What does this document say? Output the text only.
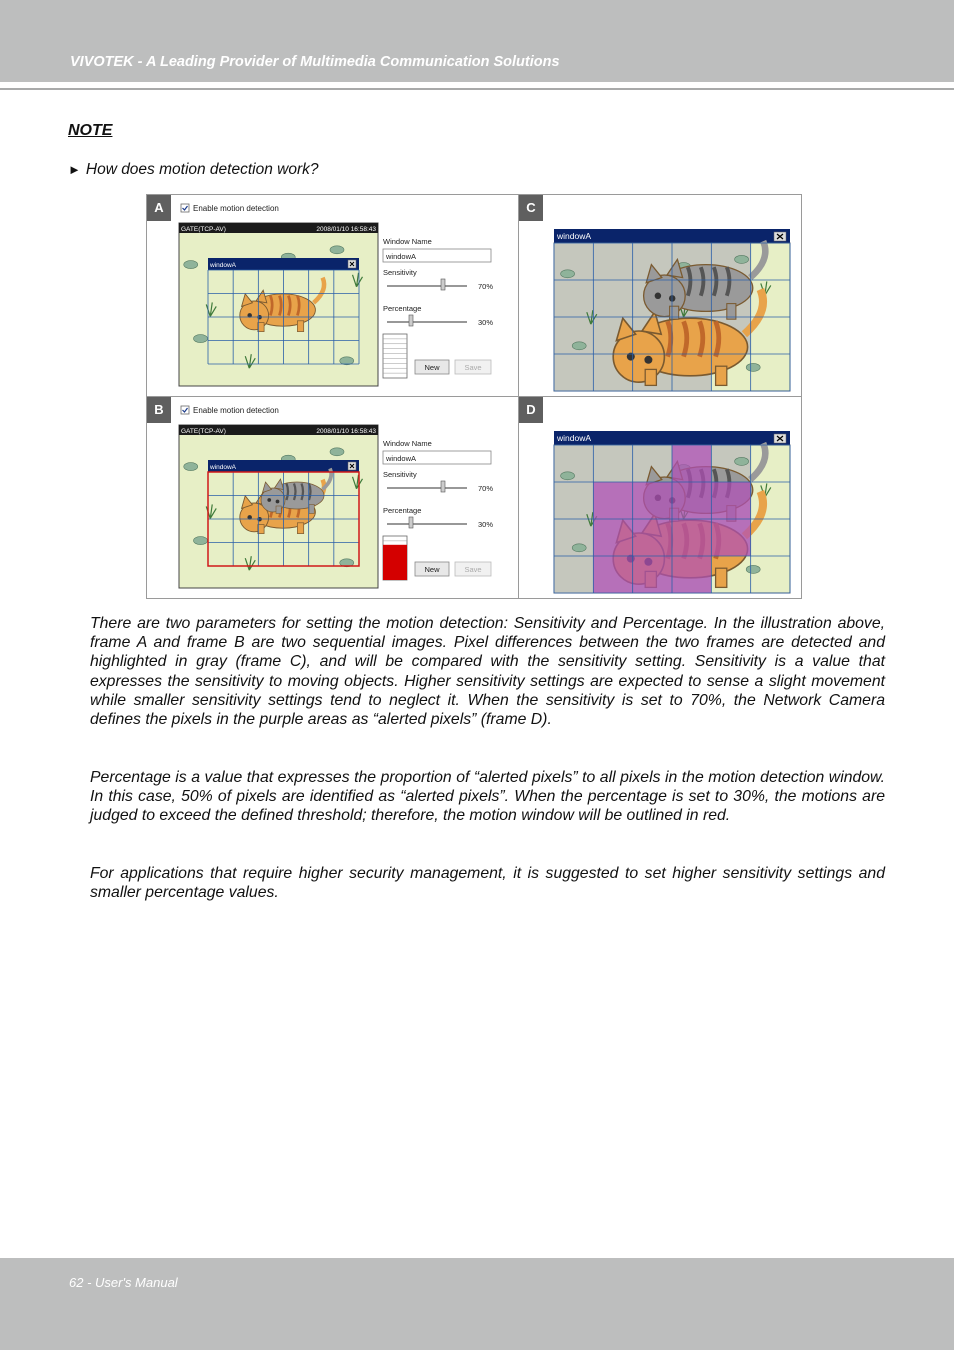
VIVOTEK - A Leading Provider of Multimedia Communication Solutions
NOTE
► How does motion detection work?
Enable motion detection
GATE(TCP-AV)	2008/01/10 16:58:43
windowA
Window Name
windowA
Sensitivity
70%
Percentage
30%
New	Save
A
Enable motion detection
GATE(TCP-AV)	2008/01/10 16:58:43
windowA
Window Name
windowA
Sensitivity
70%
Percentage
30%
New	Save
B
windowA
C
windowA
D

There are two parameters for setting the motion detection: Sensitivity and Percentage. In the illustration above, frame A and frame B are two sequential images. Pixel differences between the two frames are detected and highlighted in gray (frame C), and will be compared with the sensitivity setting. Sensitivity is a value that expresses the sensitivity to moving objects. Higher sensitivity settings are expected to sense a slight movement while smaller sensitivity settings tend to neglect it. When the sensitivity is set to 70%, the Network Camera defines the pixels in the purple areas as “alerted pixels” (frame D).

Percentage is a value that expresses the proportion of “alerted pixels” to all pixels in the motion detection window. In this case, 50% of pixels are identified as “alerted pixels”. When the percentage is set to 30%, the motions are judged to exceed the defined threshold; therefore, the motion window will be outlined in red.

For applications that require higher security management, it is suggested to set higher sensitivity settings and smaller percentage values.

62 - User's Manual
